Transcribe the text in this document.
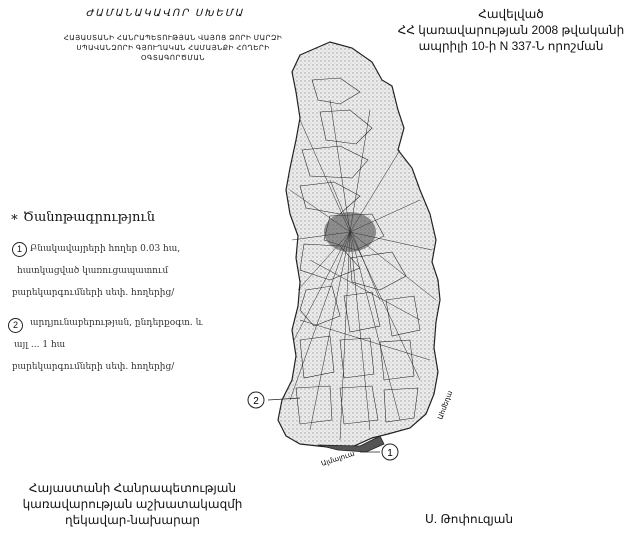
ԺԱՄԱՆԱԿԱՎՈՐ ՍԽԵՄԱ
ՀԱՅԱՍՏԱՆԻ ՀԱՆՐԱՊԵՏՈՒԹՅԱՆ ՎԱՅՈՑ ՁՈՐԻ ՄԱՐԶԻ ՍՊԱՎԱՆԶՈՐԻ ԳՅՈՒՂԱԿԱՆ ՀԱՄԱՅՆՔԻ ՀՈՂԵՐԻ ՕԳՏԱԳՈՐԾՄԱՆ
Հավելված
ՀՀ կառավարության 2008 թվականի
ապրիլի 10-ի N 337-Ն որոշման
∗ Ծանոթագրություն
1 Բնակավայրերի հողեր 0.03 հա,
հատկացված կառուցապատում
բարեկարգումների սեփ. հողերից/
2	արդյունաբերության, ընդերքօգտ. և
այլ ... 1 հա
բարեկարգումների սեփ. հողերից/
2
1
Ալմալուա
Ահմեդա
Հայաստանի Հանրապետության
կառավարության աշխատակազմի
ղեկավար-նախարար	Ս. Թոփուզյան
